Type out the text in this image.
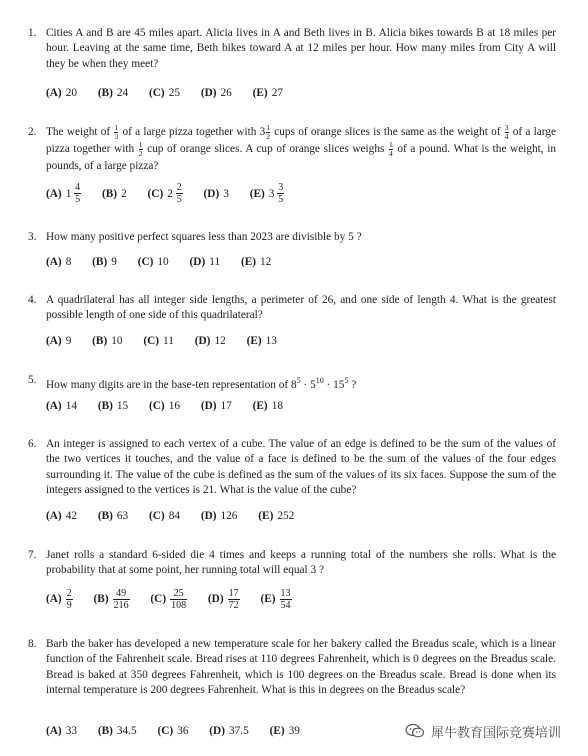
1. Cities A and B are 45 miles apart. Alicia lives in A and Beth lives in B. Alicia bikes towards B at 18 miles per hour. Leaving at the same time, Beth bikes toward A at 12 miles per hour. How many miles from City A will they be when they meet?
(A) 20 (B) 24 (C) 25 (D) 26 (E) 27
2. The weight of $\frac{1}{3}$ of a large pizza together with $3 \frac{1}{2}$ cups of orange slices is the same as the weight of $\frac{3}{4}$ of a large pizza together with $\frac{1}{2}$ cup of orange slices. A cup of orange slices weighs $\frac{1}{4}$ of a pound. What is the weight, in pounds, of a large pizza?
(A) 1
$\frac{4}{5} (B)$ 2 (C) 2
$\frac{2}{5} (D)$ 3 (E) 3
$\frac{3}{5}$
3. How many positive perfect squares less than 2023 are divisible by 5 ?
(A) 8 (B) 9 (C) 10 (D) 11 (E) 12
4. A quadrilateral has all integer side lengths, a perimeter of 26, and one side of length 4. What is the greatest possible length of one side of this quadrilateral?
(A) 9 (B) 10 (C) 11 (D) 12 (E) 13
5. How many digits are in the base-ten representation of $8^5 \cdot 5^{10} \cdot 15^5$ ?
(A) 14 (B) 15 (C) 16 (D) 17 (E) 18
6. An integer is assigned to each vertex of a cube. The value of an edge is defined to be the sum of the values of the two vertices it touches, and the value of a face is defined to be the sum of the values of the four edges surrounding it. The value of the cube is defined as the sum of the values of its six faces. Suppose the sum of the integers assigned to the vertices is 21. What is the value of the cube?
(A) 42 (B) 63 (C) 84 (D) 126 (E) 252
7. Janet rolls a standard 6-sided die 4 times and keeps a running total of the numbers she rolls. What is the probability that at some point, her running total will equal 3 ?
$(A) \frac{2}{9} (B) \frac{49}{216} (C) \frac{25}{108} (D) \frac{17}{72} (E) \frac{13}{54}$
8. Barb the baker has developed a new temperature scale for her bakery called the Breadus scale, which is a linear function of the Fahrenheit scale. Bread rises at 110 degrees Fahrenheit, which is 0 degrees on the Breadus scale. Bread is baked at 350 degrees Fahrenheit, which is 100 degrees on the Breadus scale. Bread is done when its internal temperature is 200 degrees Fahrenheit. What is this in degrees on the Breadus scale?
(A) 33 (B) 34.5 (C) 36 (D) 37.5 (E) 39	犀牛教育国际竞赛培训
